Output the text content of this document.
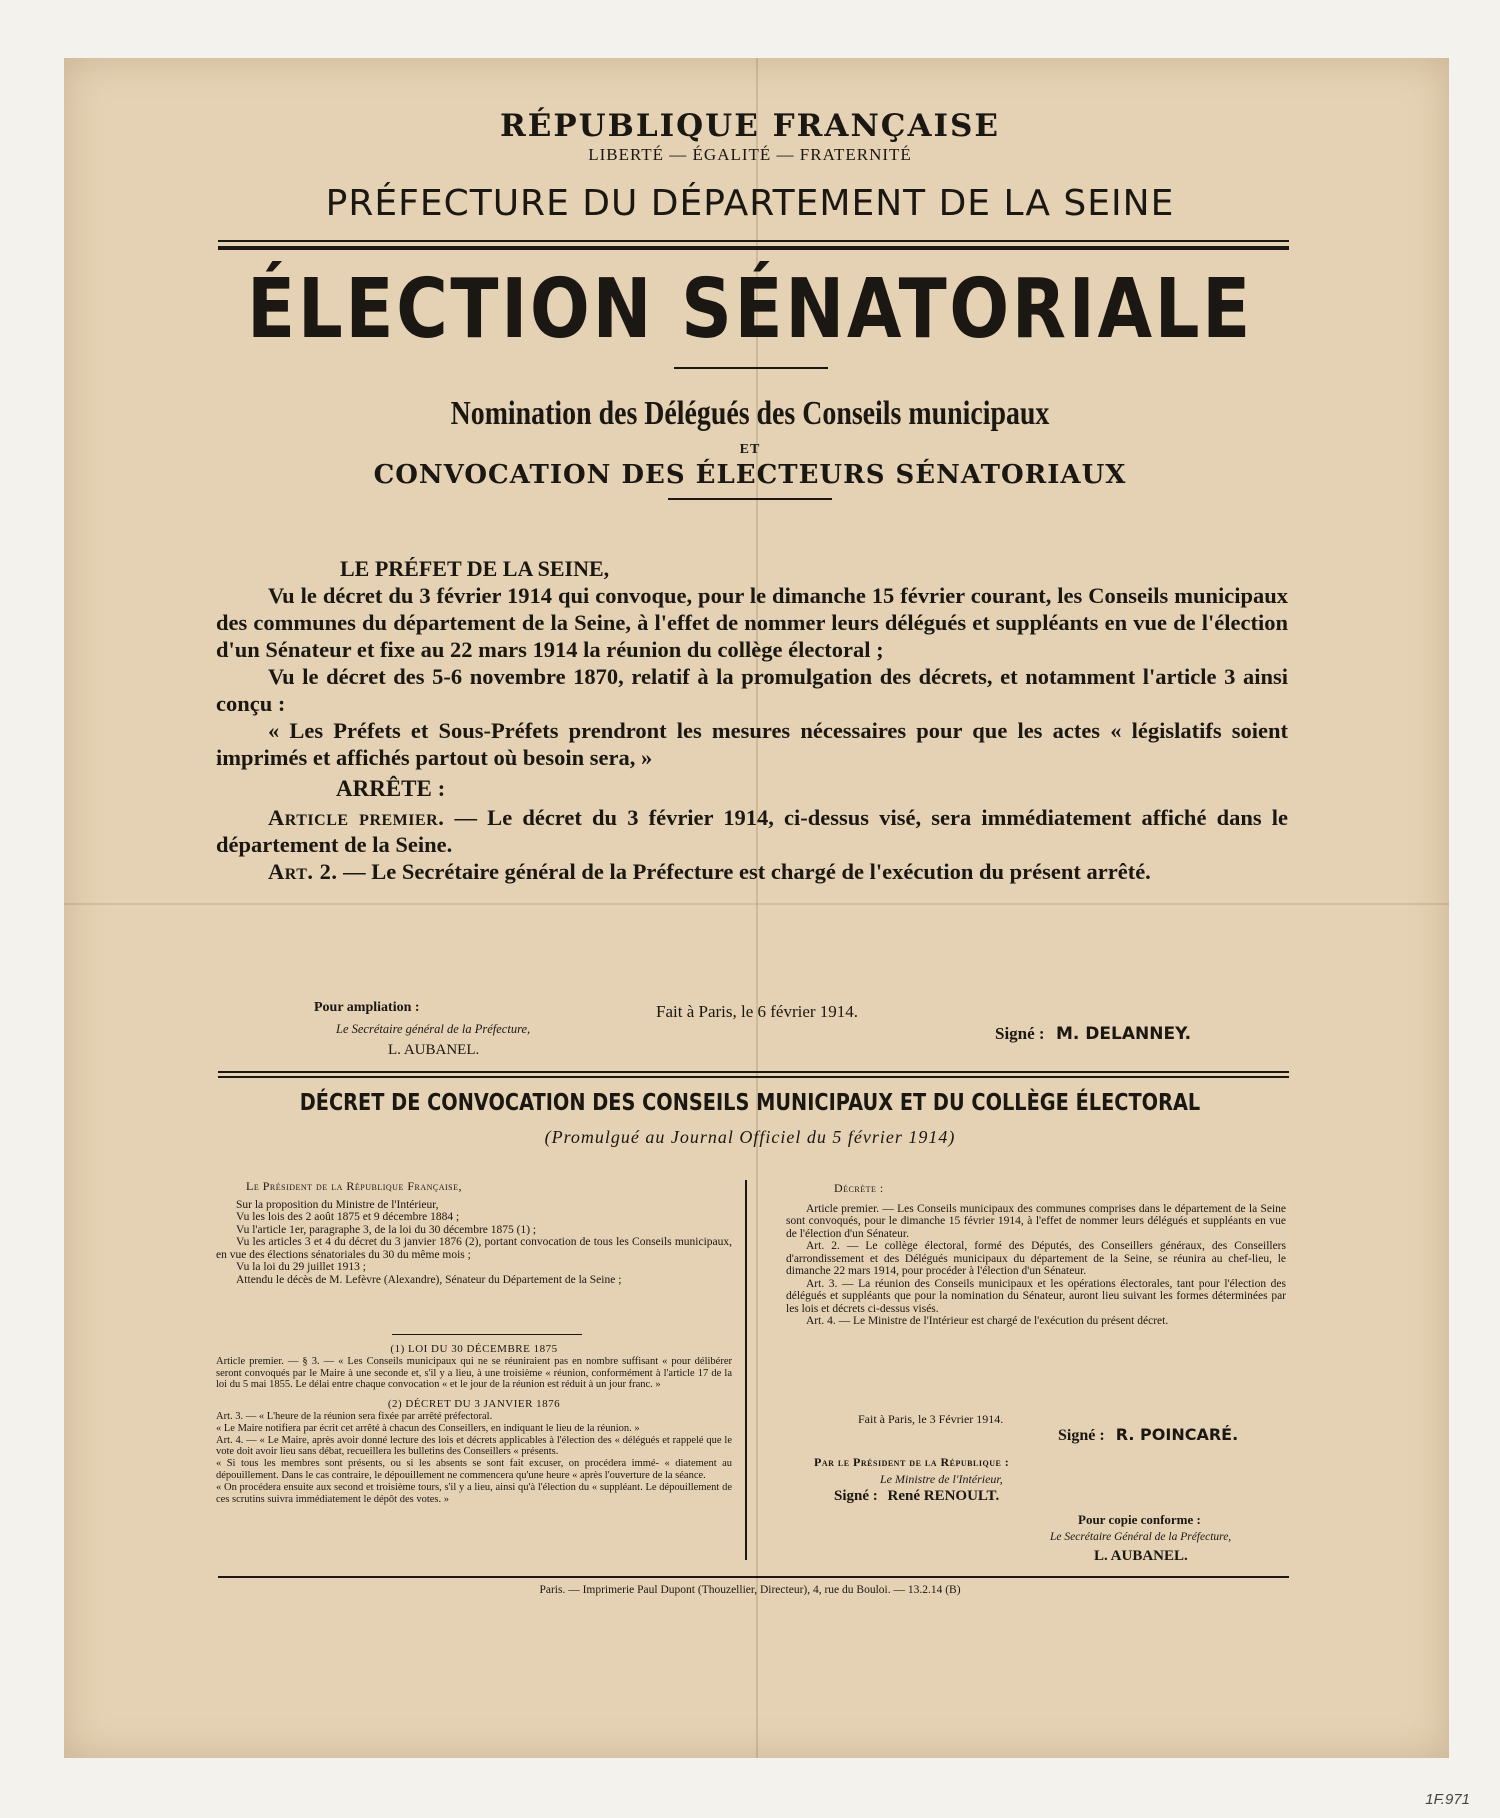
RÉPUBLIQUE FRANÇAISE
LIBERTÉ — ÉGALITÉ — FRATERNITÉ
PRÉFECTURE DU DÉPARTEMENT DE LA SEINE
ÉLECTION SÉNATORIALE
Nomination des Délégués des Conseils municipaux
ET
CONVOCATION DES ÉLECTEURS SÉNATORIAUX

LE PRÉFET DE LA SEINE,

Vu le décret du 3 février 1914 qui convoque, pour le dimanche 15 février courant, les Conseils municipaux des communes du département de la Seine, à l'effet de nommer leurs délégués et suppléants en vue de l'élection d'un Sénateur et fixe au 22 mars 1914 la réunion du collège électoral ;

Vu le décret des 5-6 novembre 1870, relatif à la promulgation des décrets, et notamment l'article 3 ainsi conçu :

« Les Préfets et Sous-Préfets prendront les mesures nécessaires pour que les actes « législatifs soient imprimés et affichés partout où besoin sera, »

ARRÊTE :

Article premier. — Le décret du 3 février 1914, ci-dessus visé, sera immédiatement affiché dans le département de la Seine.

Art. 2. — Le Secrétaire général de la Préfecture est chargé de l'exécution du présent arrêté.

Pour ampliation :
Le Secrétaire général de la Préfecture,
L. AUBANEL.
Fait à Paris, le 6 février 1914.
Signé : M. DELANNEY.
DÉCRET DE CONVOCATION DES CONSEILS MUNICIPAUX ET DU COLLÈGE ÉLECTORAL
(Promulgué au Journal Officiel du 5 février 1914)

Le Président de la République Française,

Sur la proposition du Ministre de l'Intérieur,

Vu les lois des 2 août 1875 et 9 décembre 1884 ;

Vu l'article 1er, paragraphe 3, de la loi du 30 décembre 1875 (1) ;

Vu les articles 3 et 4 du décret du 3 janvier 1876 (2), portant convocation de tous les Conseils municipaux, en vue des élections sénatoriales du 30 du même mois ;

Vu la loi du 29 juillet 1913 ;

Attendu le décès de M. Lefèvre (Alexandre), Sénateur du Département de la Seine ;

(1) LOI DU 30 DÉCEMBRE 1875

Article premier. — § 3. — « Les Conseils municipaux qui ne se réuniraient pas en nombre suffisant « pour délibérer seront convoqués par le Maire à une seconde et, s'il y a lieu, à une troisième « réunion, conformément à l'article 17 de la loi du 5 mai 1855. Le délai entre chaque convocation « et le jour de la réunion est réduit à un jour franc. »

(2) DÉCRET DU 3 JANVIER 1876

Art. 3. — « L'heure de la réunion sera fixée par arrêté préfectoral.

« Le Maire notifiera par écrit cet arrêté à chacun des Conseillers, en indiquant le lieu de la réunion. »

Art. 4. — « Le Maire, après avoir donné lecture des lois et décrets applicables à l'élection des « délégués et rappelé que le vote doit avoir lieu sans débat, recueillera les bulletins des Conseillers « présents.

« Si tous les membres sont présents, ou si les absents se sont fait excuser, on procédera immé- « diatement au dépouillement. Dans le cas contraire, le dépouillement ne commencera qu'une heure « après l'ouverture de la séance.

« On procédera ensuite aux second et troisième tours, s'il y a lieu, ainsi qu'à l'élection du « suppléant. Le dépouillement de ces scrutins suivra immédiatement le dépôt des votes. »

Décrète :

Article premier. — Les Conseils municipaux des communes comprises dans le département de la Seine sont convoqués, pour le dimanche 15 février 1914, à l'effet de nommer leurs délégués et suppléants en vue de l'élection d'un Sénateur.

Art. 2. — Le collège électoral, formé des Députés, des Conseillers généraux, des Conseillers d'arrondissement et des Délégués municipaux du département de la Seine, se réunira au chef-lieu, le dimanche 22 mars 1914, pour procéder à l'élection d'un Sénateur.

Art. 3. — La réunion des Conseils municipaux et les opérations électorales, tant pour l'élection des délégués et suppléants que pour la nomination du Sénateur, auront lieu suivant les formes déterminées par les lois et décrets ci-dessus visés.

Art. 4. — Le Ministre de l'Intérieur est chargé de l'exécution du présent décret.

Fait à Paris, le 3 Février 1914.
Signé : R. POINCARÉ.
Par le Président de la République :
Le Ministre de l'Intérieur,
Signé : René RENOULT.
Pour copie conforme :
Le Secrétaire Général de la Préfecture,
L. AUBANEL.
Paris. — Imprimerie Paul Dupont (Thouzellier, Directeur), 4, rue du Bouloi. — 13.2.14 (B)
1F.971
